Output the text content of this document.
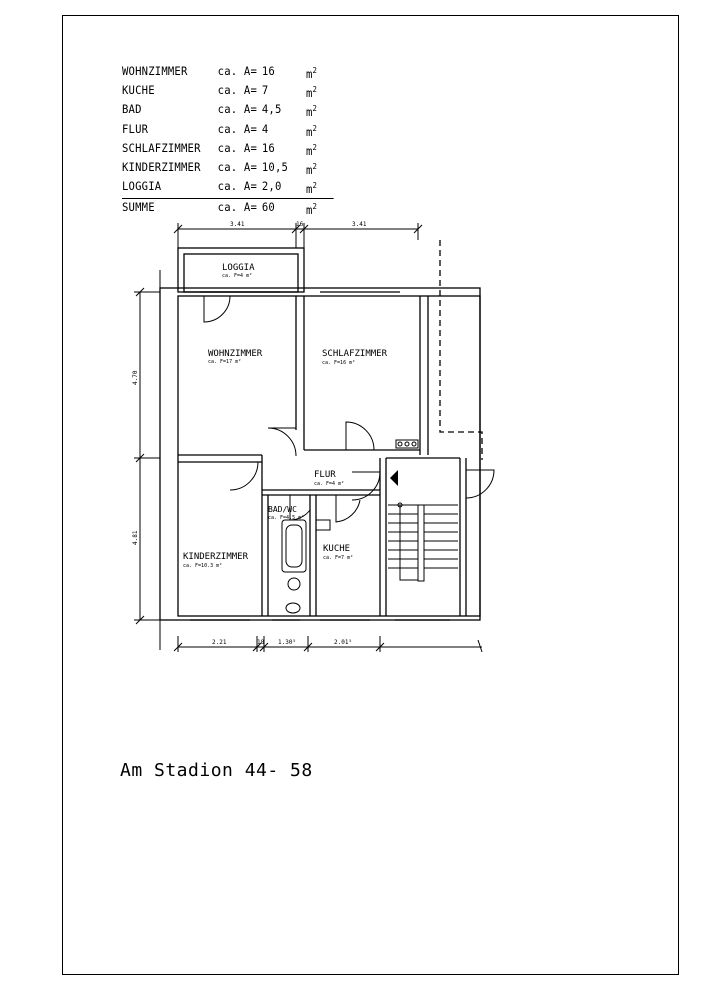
WOHNZIMMER	ca. A= 16	$m^2$
KUCHE	ca. A= 7	$m^2$
BAD	ca. A= 4,5	$m^2$
FLUR	ca. A= 4	$m^2$
SCHLAFZIMMER	ca. A= 16	$m^2$
KINDERZIMMER	ca. A= 10,5	$m^2$
LOGGIA	ca. A= 2,0	$m^2$
SUMME	ca. A= 60	$m^2$
LOGGIA
ca. F=4 m²
WOHNZIMMER
ca. F=17 m²
SCHLAFZIMMER
ca. F=16 m²
FLUR
ca. F=4 m²
BAD/WC
ca. F=4.5 m²
KUCHE
ca. F=7 m²
KINDERZIMMER
ca. F=10.3 m²
3.41	16	3.41
4.70
4.81
2.21	18 1.30⁵	2.01⁵
Am Stadion 44- 58
